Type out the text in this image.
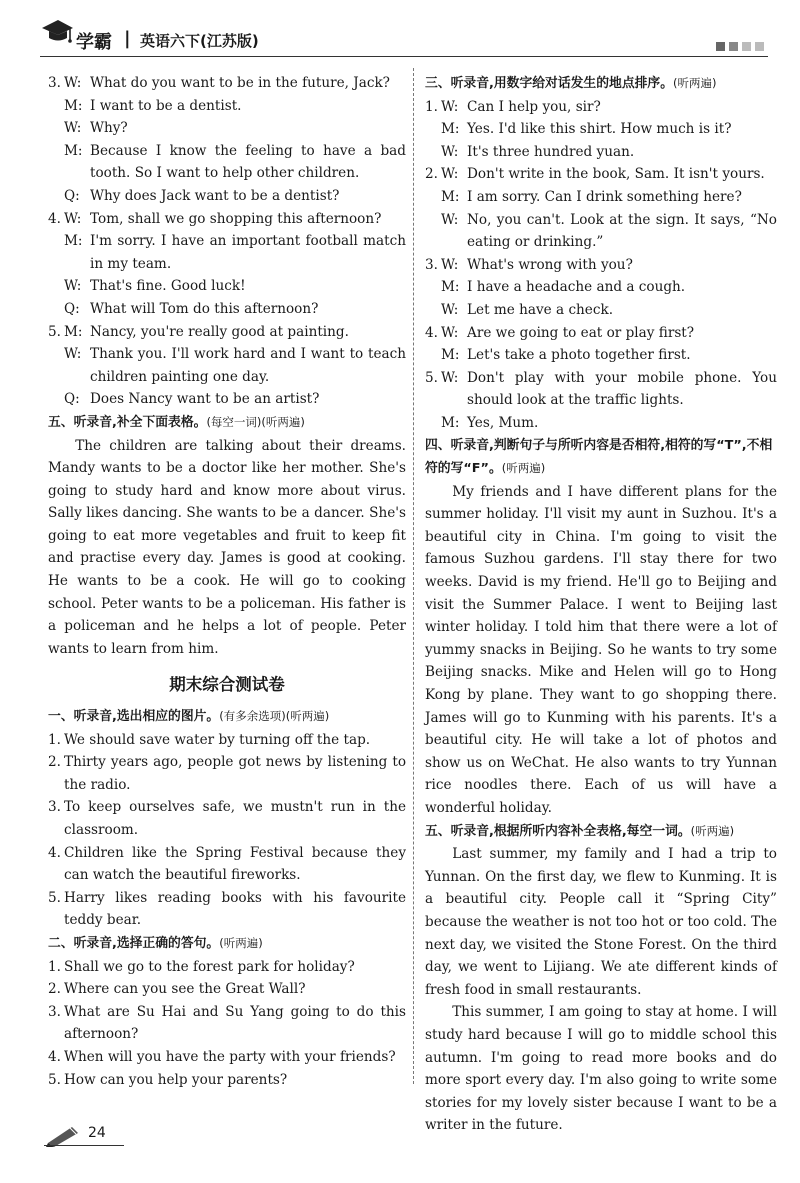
学霸 | 英语六下(江苏版)
3. W: What do you want to be in the future, Jack?
M: I want to be a dentist.
W: Why?
M: Because I know the feeling to have a bad tooth. So I want to help other children.
Q: Why does Jack want to be a dentist?
4. W: Tom, shall we go shopping this afternoon?
M: I'm sorry. I have an important football match in my team.
W: That's fine. Good luck!
Q: What will Tom do this afternoon?
5. M: Nancy, you're really good at painting.
W: Thank you. I'll work hard and I want to teach children painting one day.
Q: Does Nancy want to be an artist?
五、听录音,补全下面表格。(每空一词)(听两遍)

The children are talking about their dreams. Mandy wants to be a doctor like her mother. She's going to study hard and know more about virus. Sally likes dancing. She wants to be a dancer. She's going to eat more vegetables and fruit to keep fit and practise every day. James is good at cooking. He wants to be a cook. He will go to cooking school. Peter wants to be a policeman. His father is a policeman and he helps a lot of people. Peter wants to learn from him.

期末综合测试卷
一、听录音,选出相应的图片。(有多余选项)(听两遍)
1. We should save water by turning off the tap.
2. Thirty years ago, people got news by listening to the radio.
3. To keep ourselves safe, we mustn't run in the classroom.
4. Children like the Spring Festival because they can watch the beautiful fireworks.
5. Harry likes reading books with his favourite teddy bear.
二、听录音,选择正确的答句。(听两遍)
1. Shall we go to the forest park for holiday?
2. Where can you see the Great Wall?
3. What are Su Hai and Su Yang going to do this afternoon?
4. When will you have the party with your friends?
5. How can you help your parents?
三、听录音,用数字给对话发生的地点排序。(听两遍)
1. W: Can I help you, sir?
M: Yes. I'd like this shirt. How much is it?
W: It's three hundred yuan.
2. W: Don't write in the book, Sam. It isn't yours.
M: I am sorry. Can I drink something here?
W: No, you can't. Look at the sign. It says, “No eating or drinking.”
3. W: What's wrong with you?
M: I have a headache and a cough.
W: Let me have a check.
4. W: Are we going to eat or play first?
M: Let's take a photo together first.
5. W: Don't play with your mobile phone. You should look at the traffic lights.
M: Yes, Mum.
四、听录音,判断句子与所听内容是否相符,相符的写“T”,不相符的写“F”。(听两遍)

My friends and I have different plans for the summer holiday. I'll visit my aunt in Suzhou. It's a beautiful city in China. I'm going to visit the famous Suzhou gardens. I'll stay there for two weeks. David is my friend. He'll go to Beijing and visit the Summer Palace. I went to Beijing last winter holiday. I told him that there were a lot of yummy snacks in Beijing. So he wants to try some Beijing snacks. Mike and Helen will go to Hong Kong by plane. They want to go shopping there. James will go to Kunming with his parents. It's a beautiful city. He will take a lot of photos and show us on WeChat. He also wants to try Yunnan rice noodles there. Each of us will have a wonderful holiday.

五、听录音,根据所听内容补全表格,每空一词。(听两遍)

Last summer, my family and I had a trip to Yunnan. On the first day, we flew to Kunming. It is a beautiful city. People call it “Spring City” because the weather is not too hot or too cold. The next day, we visited the Stone Forest. On the third day, we went to Lijiang. We ate different kinds of fresh food in small restaurants.

This summer, I am going to stay at home. I will study hard because I will go to middle school this autumn. I'm going to read more books and do more sport every day. I'm also going to write some stories for my lovely sister because I want to be a writer in the future.

24
